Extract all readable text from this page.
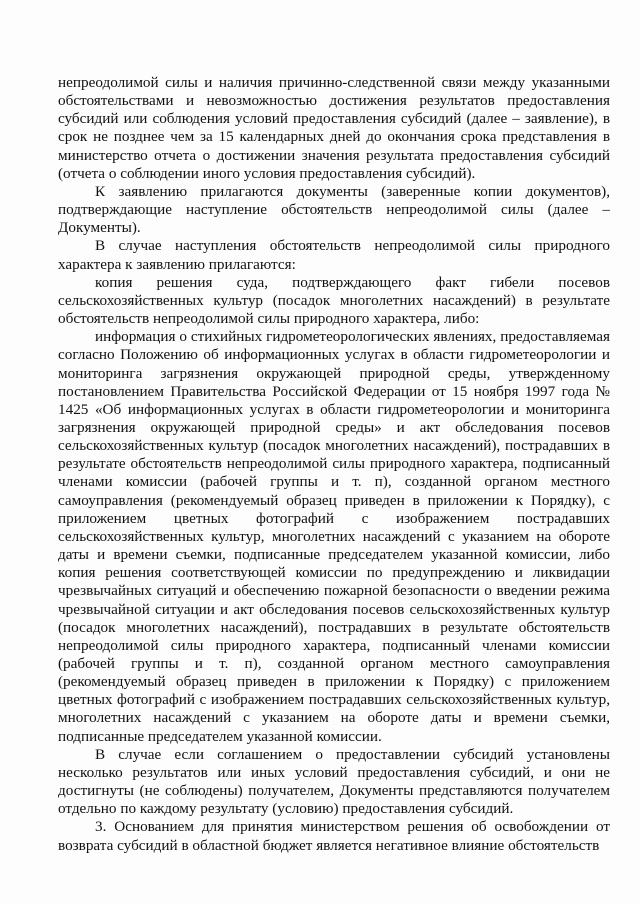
непреодолимой силы и наличия причинно-следственной связи между указанными обстоятельствами и невозможностью достижения результатов предоставления субсидий или соблюдения условий предоставления субсидий (далее – заявление), в срок не позднее чем за 15 календарных дней до окончания срока представления в министерство отчета о достижении значения результата предоставления субсидий (отчета о соблюдении иного условия предоставления субсидий).

К заявлению прилагаются документы (заверенные копии документов), подтверждающие наступление обстоятельств непреодолимой силы (далее – Документы).

В случае наступления обстоятельств непреодолимой силы природного характера к заявлению прилагаются:

копия решения суда, подтверждающего факт гибели посевов сельскохозяйственных культур (посадок многолетних насаждений) в результате обстоятельств непреодолимой силы природного характера, либо:

информация о стихийных гидрометеорологических явлениях, предоставляемая согласно Положению об информационных услугах в области гидрометеорологии и мониторинга загрязнения окружающей природной среды, утвержденному постановлением Правительства Российской Федерации от 15 ноября 1997 года № 1425 «Об информационных услугах в области гидрометеорологии и мониторинга загрязнения окружающей природной среды» и акт обследования посевов сельскохозяйственных культур (посадок многолетних насаждений), пострадавших в результате обстоятельств непреодолимой силы природного характера, подписанный членами комиссии (рабочей группы и т. п), созданной органом местного самоуправления (рекомендуемый образец приведен в приложении к Порядку), с приложением цветных фотографий с изображением пострадавших сельскохозяйственных культур, многолетних насаждений с указанием на обороте даты и времени съемки, подписанные председателем указанной комиссии, либо копия решения соответствующей комиссии по предупреждению и ликвидации чрезвычайных ситуаций и обеспечению пожарной безопасности о введении режима чрезвычайной ситуации и акт обследования посевов сельскохозяйственных культур (посадок многолетних насаждений), пострадавших в результате обстоятельств непреодолимой силы природного характера, подписанный членами комиссии (рабочей группы и т. п), созданной органом местного самоуправления (рекомендуемый образец приведен в приложении к Порядку) с приложением цветных фотографий с изображением пострадавших сельскохозяйственных культур, многолетних насаждений с указанием на обороте даты и времени съемки, подписанные председателем указанной комиссии.

В случае если соглашением о предоставлении субсидий установлены несколько результатов или иных условий предоставления субсидий, и они не достигнуты (не соблюдены) получателем, Документы представляются получателем отдельно по каждому результату (условию) предоставления субсидий.

3. Основанием для принятия министерством решения об освобождении от возврата субсидий в областной бюджет является негативное влияние обстоятельств
